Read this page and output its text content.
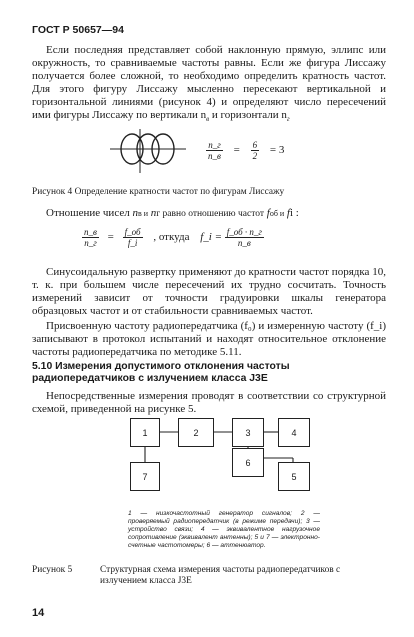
ГОСТ Р 50657—94
Если последняя представляет собой наклонную прямую, эллипс или окружность, то сравниваемые частоты равны. Если же фигура Лиссажу получается более сложной, то необходимо определить кратность частот. Для этого фигуру Лиссажу мысленно пересекают вертикальной и горизонтальной линиями (рисунок 4) и определяют число пересечений ими фигуры Лиссажу по вертикали $n_в$ и горизонтали $n_г$
$\frac{n\_г}{n\_в} = \frac{6}{2} = 3$
Рисунок 4 Определение кратности частот по фигурам Лиссажу
Отношение чисел nв и nг равно отношению частот fоб и fi :
$\frac{n\_в}{n\_г} = \frac{f\_об}{f\_i}$ , откуда f_i = $\frac{f\_об \cdot n\_г}{n\_в}$
Синусоидальную развертку применяют до кратности частот порядка 10, т. к. при большем числе пересечений их трудно сосчитать. Точность измерений зависит от точности градуировки шкалы генератора образцовых частот и от стабильности сравниваемых частот.
Присвоенную частоту радиопередатчика (f₀) и измеренную частоту (f_i) записывают в протокол испытаний и находят относительное отклонение частоты радиопередатчика по методике 5.11.
5.10 Измерения допустимого отклонения частоты радиопередатчиков с излучением класса J3E
Непосредственные измерения проводят в соответствии со структурной схемой, приведенной на рисунке 5.
1	2	3	4
7
6
5
1 — низкочастотный генератор сигналов; 2 — проверяемый радиопередатчик (в режиме передачи); 3 — устройство связи; 4 — эквивалентное нагрузочное сопротивление (эквивалент антенны); 5 и 7 — электронно-счетные частотомеры; 6 — аттенюатор.
Рисунок 5	Структурная схема измерения частоты радиопередатчиков с излучением класса J3E
14
